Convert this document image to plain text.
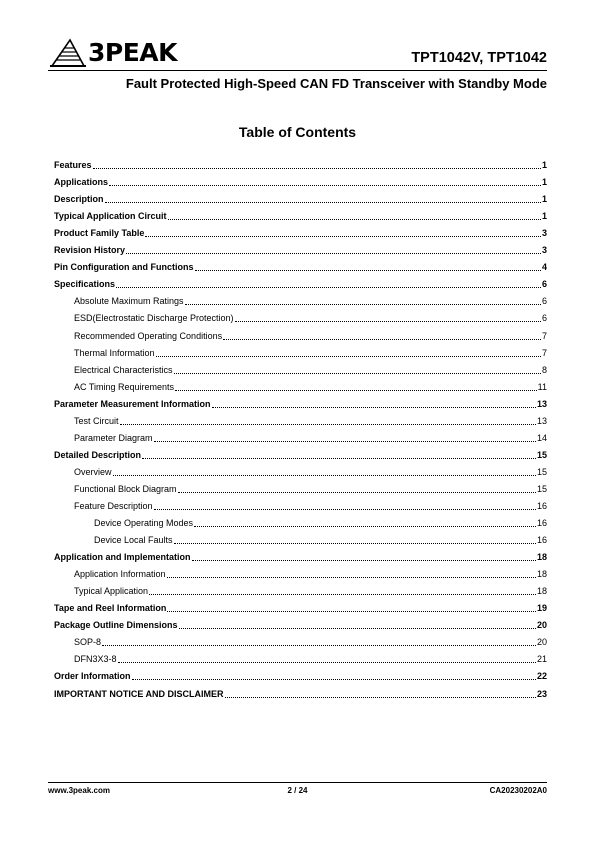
3PEAK	TPT1042V, TPT1042
Fault Protected High-Speed CAN FD Transceiver with Standby Mode
Table of Contents
Features	1
Applications	1
Description	1
Typical Application Circuit	1
Product Family Table	3
Revision History	3
Pin Configuration and Functions	4
Specifications	6
Absolute Maximum Ratings	6
ESD(Electrostatic Discharge Protection)	6
Recommended Operating Conditions	7
Thermal Information	7
Electrical Characteristics	8
AC Timing Requirements	11
Parameter Measurement Information	13
Test Circuit	13
Parameter Diagram	14
Detailed Description	15
Overview	15
Functional Block Diagram	15
Feature Description	16
Device Operating Modes	16
Device Local Faults	16
Application and Implementation	18
Application Information	18
Typical Application	18
Tape and Reel Information	19
Package Outline Dimensions	20
SOP-8	20
DFN3X3-8	21
Order Information	22
IMPORTANT NOTICE AND DISCLAIMER	23
www.3peak.com	2 / 24	CA20230202A0
